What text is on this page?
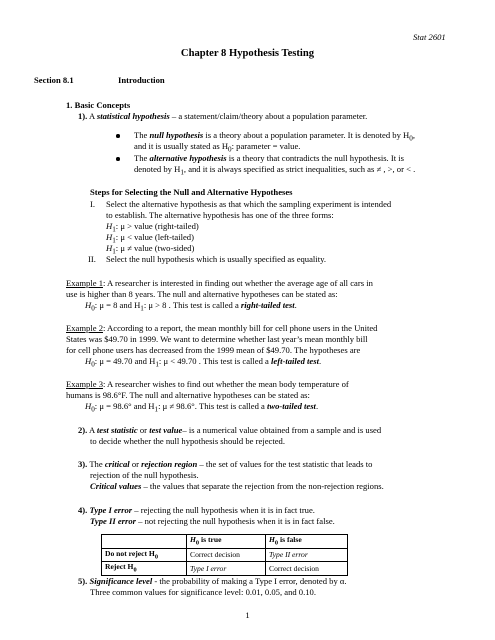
Stat 2601
Chapter 8 Hypothesis Testing
Section 8.1	Introduction
1. Basic Concepts
1). A statistical hypothesis – a statement/claim/theory about a population parameter.
The null hypothesis is a theory about a population parameter. It is denoted by $H_0$,
and it is usually stated as $H_0$: parameter = value.
The alternative hypothesis is a theory that contradicts the null hypothesis. It is
denoted by $H_1$, and it is always specified as strict inequalities, such as ≠ , >, or < .
Steps for Selecting the Null and Alternative Hypotheses
I. Select the alternative hypothesis as that which the sampling experiment is intended
to establish. The alternative hypothesis has one of the three forms:
$H_1$: μ > value (right-tailed)
$H_1$: μ < value (left-tailed)
$H_1$: μ ≠ value (two-sided)
II. Select the null hypothesis which is usually specified as equality.
Example 1: A researcher is interested in finding out whether the average age of all cars in
use is higher than 8 years. The null and alternative hypotheses can be stated as:
$H_0$: μ = 8 and $H_1$: μ > 8 . This test is called a right-tailed test.
Example 2: According to a report, the mean monthly bill for cell phone users in the United
States was $49.70 in 1999. We want to determine whether last year’s mean monthly bill
for cell phone users has decreased from the 1999 mean of $49.70. The hypotheses are
$H_0$: μ = 49.70 and $H_1$: μ < 49.70 . This test is called a left-tailed test.
Example 3: A researcher wishes to find out whether the mean body temperature of
humans is 98.6°F. The null and alternative hypotheses can be stated as:
$H_0$: μ = 98.6° and $H_1$: μ ≠ 98.6°. This test is called a two-tailed test.
2). A test statistic or test value– is a numerical value obtained from a sample and is used
to decide whether the null hypothesis should be rejected.
3). The critical or rejection region – the set of values for the test statistic that leads to
rejection of the null hypothesis.
Critical values – the values that separate the rejection from the non-rejection regions.
4). Type I error – rejecting the null hypothesis when it is in fact true.
Type II error – not rejecting the null hypothesis when it is in fact false.
	$H_0$ is true	$H_0$ is false
Do not reject $H_0$	Correct decision	Type II error
Reject $H_0$	Type I error	Correct decision
5). Significance level - the probability of making a Type I error, denoted by α.
Three common values for significance level: 0.01, 0.05, and 0.10.
1
